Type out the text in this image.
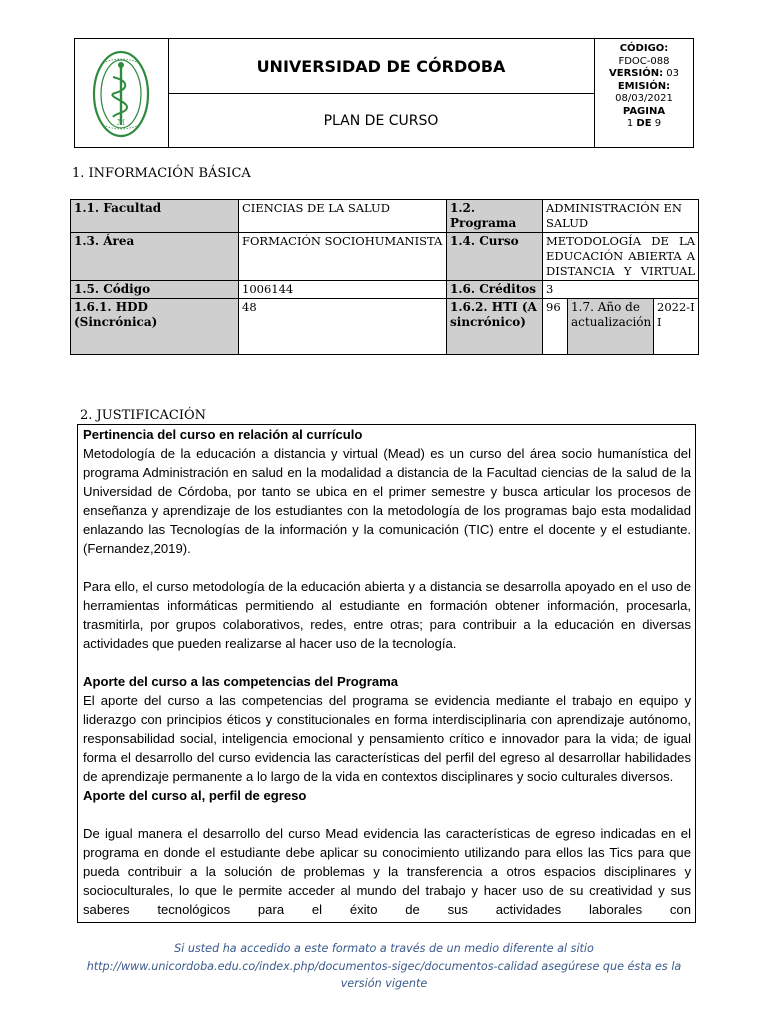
ℳ
UNIVERSIDAD DE CÓRDOBA
PLAN DE CURSO
CÓDIGO:
FDOC-088
VERSIÓN: 03
EMISIÓN:
08/03/2021
PAGINA
1 DE 9
1. INFORMACIÓN BÁSICA
1.1. Facultad	CIENCIAS DE LA SALUD	1.2. Programa	ADMINISTRACIÓN EN SALUD		
1.3. Área	FORMACIÓN SOCIOHUMANISTA	1.4. Curso	METODOLOGÍA DE LA EDUCACIÓN ABIERTA A DISTANCIA Y VIRTUAL		
1.5. Código	1006144	1.6. Créditos	3		
1.6.1. HDD (Sincrónica)	48	1.6.2. HTI (Asincrónico)	96	1.7. Año de actualización	2022-II
2. JUSTIFICACIÓN

Pertinencia del curso en relación al currículo

Metodología de la educación a distancia y virtual (Mead) es un curso del área socio humanística del programa Administración en salud en la modalidad a distancia de la Facultad ciencias de la salud de la Universidad de Córdoba, por tanto se ubica en el primer semestre y busca articular los procesos de enseñanza y aprendizaje de los estudiantes con la metodología de los programas bajo esta modalidad enlazando las Tecnologías de la información y la comunicación (TIC) entre el docente y el estudiante. (Fernandez,2019).

Para ello, el curso metodología de la educación abierta y a distancia se desarrolla apoyado en el uso de herramientas informáticas permitiendo al estudiante en formación obtener información, procesarla, trasmitirla, por grupos colaborativos, redes, entre otras; para contribuir a la educación en diversas actividades que pueden realizarse al hacer uso de la tecnología.

Aporte del curso a las competencias del Programa

El aporte del curso a las competencias del programa se evidencia mediante el trabajo en equipo y liderazgo con principios éticos y constitucionales en forma interdisciplinaria con aprendizaje autónomo, responsabilidad social, inteligencia emocional y pensamiento crítico e innovador para la vida; de igual forma el desarrollo del curso evidencia las características del perfil del egreso al desarrollar habilidades de aprendizaje permanente a lo largo de la vida en contextos disciplinares y socio culturales diversos.

Aporte del curso al, perfil de egreso

De igual manera el desarrollo del curso Mead evidencia las características de egreso indicadas en el programa en donde el estudiante debe aplicar su conocimiento utilizando para ellos las Tics para que pueda contribuir a la solución de problemas y la transferencia a otros espacios disciplinares y socioculturales, lo que le permite acceder al mundo del trabajo y hacer uso de su creatividad y sus saberes tecnológicos para el éxito de sus actividades laborales con

Si usted ha accedido a este formato a través de un medio diferente al sitio
http://www.unicordoba.edu.co/index.php/documentos-sigec/documentos-calidad asegúrese que ésta es la
versión vigente
